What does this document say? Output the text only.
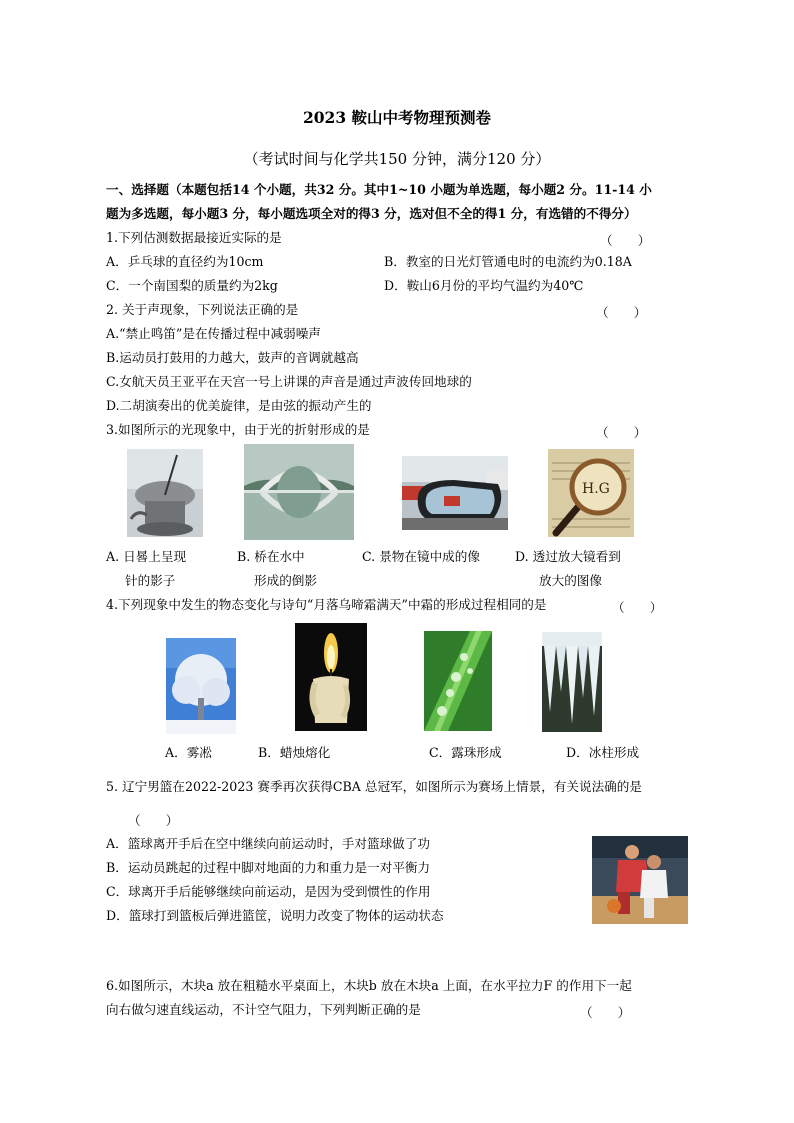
2023 鞍山中考物理预测卷
（考试时间与化学共150 分钟，满分120 分）
一、选择题（本题包括14 个小题，共32 分。其中1~10 小题为单选题，每小题2 分。11-14 小
题为多选题，每小题3 分，每小题选项全对的得3 分，选对但不全的得1 分，有选错的不得分）
1.下列估测数据最接近实际的是	（　　）
A．乒乓球的直径约为10cm	B．教室的日光灯管通电时的电流约为0.18A
C．一个南国梨的质量约为2kg	D．鞍山6月份的平均气温约为40℃
2. 关于声现象，下列说法正确的是	（　　）
A.“禁止鸣笛”是在传播过程中减弱噪声
B.运动员打鼓用的力越大，鼓声的音调就越高
C.女航天员王亚平在天宫一号上讲课的声音是通过声波传回地球的
D.二胡演奏出的优美旋律，是由弦的振动产生的
3.如图所示的光现象中，由于光的折射形成的是	（　　）
H.G
A. 日晷上呈现
针的影子
B. 桥在水中
形成的倒影
C. 景物在镜中成的像	D. 透过放大镜看到
放大的图像
4.下列现象中发生的物态变化与诗句“月落乌啼霜满天”中霜的形成过程相同的是	（　　）
A．雾凇	B．蜡烛熔化	C．露珠形成	D．冰柱形成
5. 辽宁男篮在2022-2023 赛季再次获得CBA 总冠军，如图所示为赛场上情景，有关说法确的是
（　　）
A．篮球离开手后在空中继续向前运动时，手对篮球做了功
B．运动员跳起的过程中脚对地面的力和重力是一对平衡力
C．球离开手后能够继续向前运动，是因为受到惯性的作用
D．篮球打到篮板后弹进篮筐，说明力改变了物体的运动状态
6.如图所示，木块a 放在粗糙水平桌面上，木块b 放在木块a 上面，在水平拉力F 的作用下一起
向右做匀速直线运动，不计空气阻力，下列判断正确的是	（　　）
